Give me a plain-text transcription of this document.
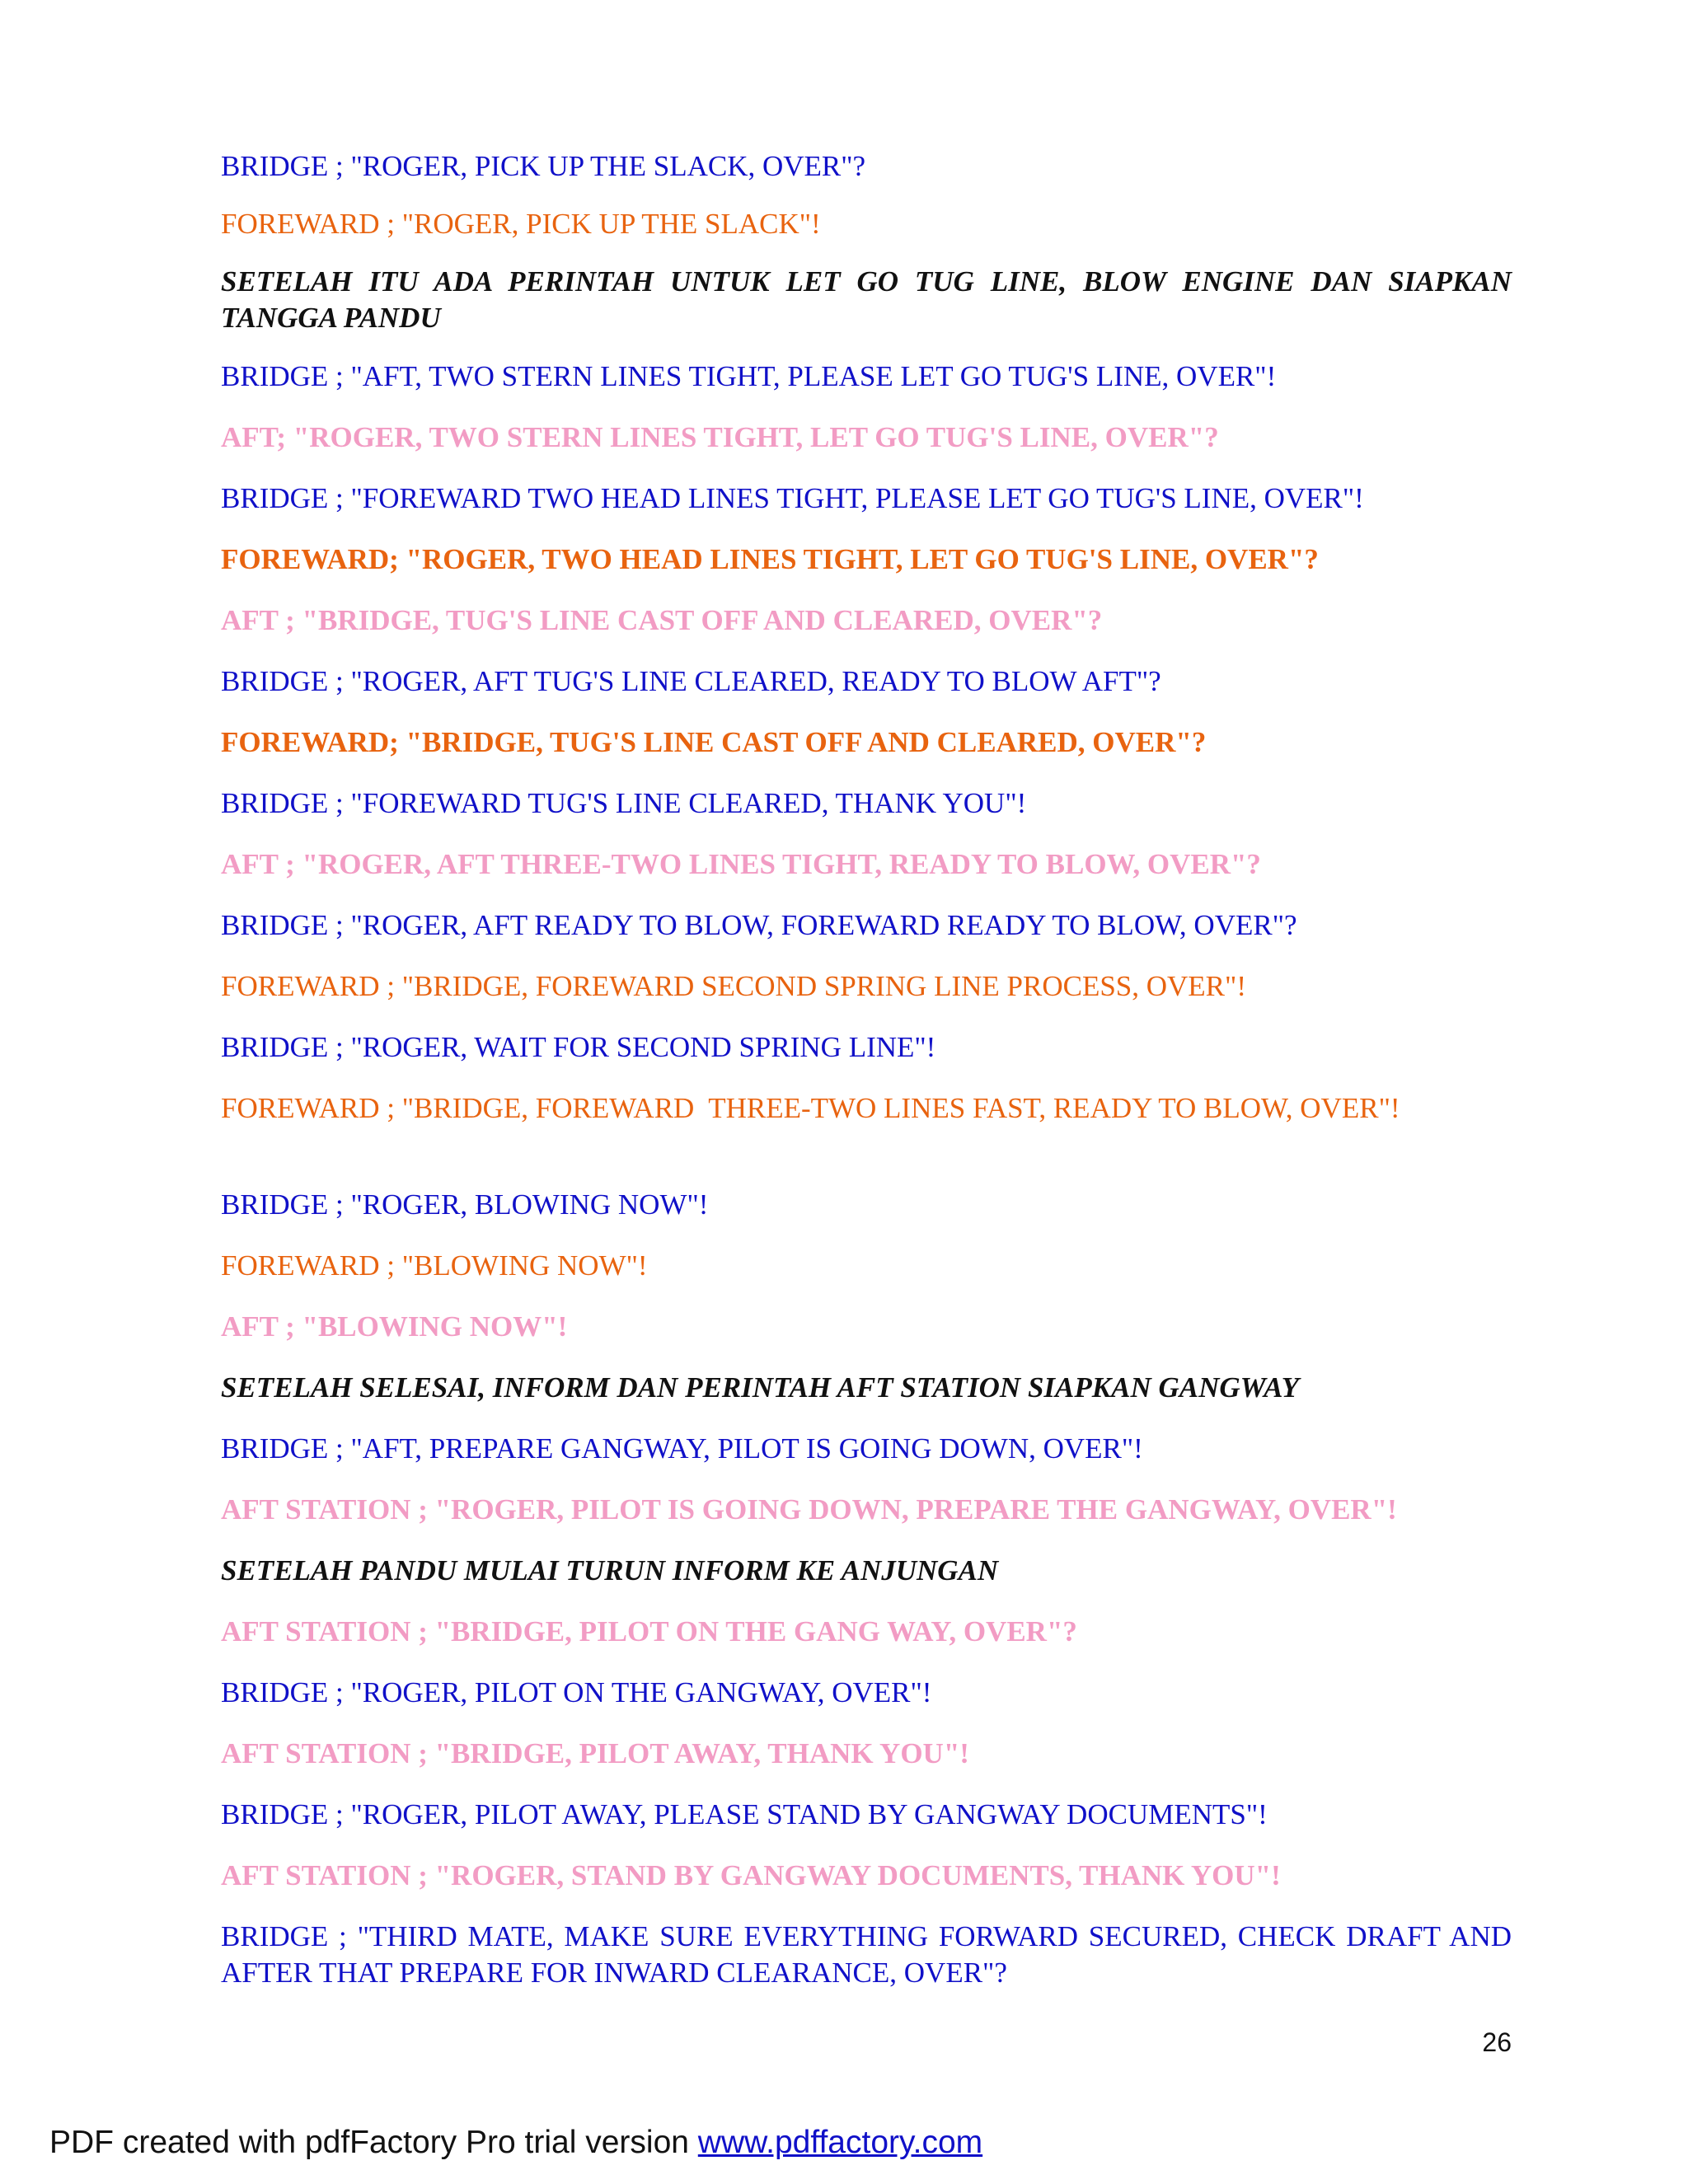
BRIDGE ; "ROGER, PICK UP THE SLACK, OVER"?

FOREWARD ; "ROGER, PICK UP THE SLACK"!

SETELAH ITU ADA PERINTAH UNTUK LET GO TUG LINE, BLOW ENGINE DAN SIAPKAN TANGGA PANDU

BRIDGE ; "AFT, TWO STERN LINES TIGHT, PLEASE LET GO TUG'S LINE, OVER"!

AFT; "ROGER, TWO STERN LINES TIGHT, LET GO TUG'S LINE, OVER"?

BRIDGE ; "FOREWARD TWO HEAD LINES TIGHT, PLEASE LET GO TUG'S LINE, OVER"!

FOREWARD; "ROGER, TWO HEAD LINES TIGHT, LET GO TUG'S LINE, OVER"?

AFT ; "BRIDGE, TUG'S LINE CAST OFF AND CLEARED, OVER"?

BRIDGE ; "ROGER, AFT TUG'S LINE CLEARED, READY TO BLOW AFT"?

FOREWARD; "BRIDGE, TUG'S LINE CAST OFF AND CLEARED, OVER"?

BRIDGE ; "FOREWARD TUG'S LINE CLEARED, THANK YOU"!

AFT ; "ROGER, AFT THREE-TWO LINES TIGHT, READY TO BLOW, OVER"?

BRIDGE ; "ROGER, AFT READY TO BLOW, FOREWARD READY TO BLOW, OVER"?

FOREWARD ; "BRIDGE, FOREWARD SECOND SPRING LINE PROCESS, OVER"!

BRIDGE ; "ROGER, WAIT FOR SECOND SPRING LINE"!

FOREWARD ; "BRIDGE, FOREWARD  THREE-TWO LINES FAST, READY TO BLOW, OVER"!

BRIDGE ; "ROGER, BLOWING NOW"!

FOREWARD ; "BLOWING NOW"!

AFT ; "BLOWING NOW"!

SETELAH SELESAI, INFORM DAN PERINTAH AFT STATION SIAPKAN GANGWAY

BRIDGE ; "AFT, PREPARE GANGWAY, PILOT IS GOING DOWN, OVER"!

AFT STATION ; "ROGER, PILOT IS GOING DOWN, PREPARE THE GANGWAY, OVER"!

SETELAH PANDU MULAI TURUN INFORM KE ANJUNGAN

AFT STATION ; "BRIDGE, PILOT ON THE GANG WAY, OVER"?

BRIDGE ; "ROGER, PILOT ON THE GANGWAY, OVER"!

AFT STATION ; "BRIDGE, PILOT AWAY, THANK YOU"!

BRIDGE ; "ROGER, PILOT AWAY, PLEASE STAND BY GANGWAY DOCUMENTS"!

AFT STATION ; "ROGER, STAND BY GANGWAY DOCUMENTS, THANK YOU"!

BRIDGE ; "THIRD MATE, MAKE SURE EVERYTHING FORWARD SECURED, CHECK DRAFT AND AFTER THAT PREPARE FOR INWARD CLEARANCE, OVER"?

26
PDF created with pdfFactory Pro trial version www.pdffactory.com
